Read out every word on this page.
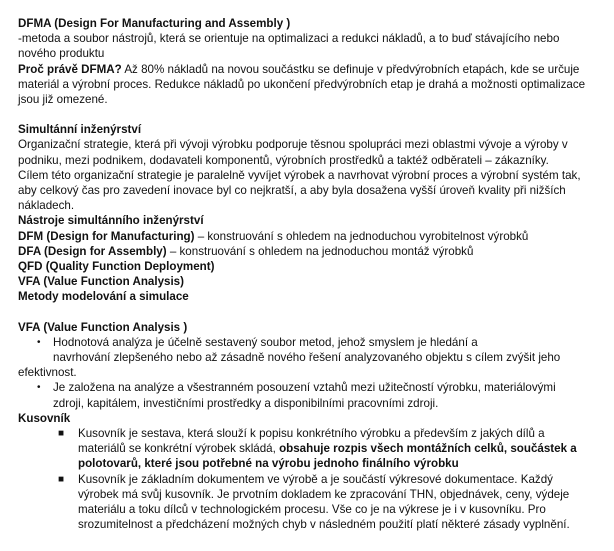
DFMA (Design For Manufacturing and Assembly )
-metoda a soubor nástrojů, která se orientuje na optimalizaci a redukci nákladů, a to buď stávajícího nebo
nového produktu
Proč právě DFMA? Až 80% nákladů na novou součástku se definuje v předvýrobních etapách, kde se určuje
materiál a výrobní proces. Redukce nákladů po ukončení předvýrobních etap je drahá a možnosti optimalizace
jsou již omezené.
Simultánní inženýrství
Organizační strategie, která při vývoji výrobku podporuje těsnou spolupráci mezi oblastmi vývoje a výroby v
podniku, mezi podnikem, dodavateli komponentů, výrobních prostředků a taktéž odběrateli – zákazníky.
Cílem této organizační strategie je paralelně vyvíjet výrobek a navrhovat výrobní proces a výrobní systém tak,
aby celkový čas pro zavedení inovace byl co nejkratší, a aby byla dosažena vyšší úroveň kvality při nižších
nákladech.
Nástroje simultánního inženýrství
DFM (Design for Manufacturing) – konstruování s ohledem na jednoduchou vyrobitelnost výrobků
DFA (Design for Assembly) – konstruování s ohledem na jednoduchou montáž výrobků
QFD (Quality Function Deployment)
VFA (Value Function Analysis)
Metody modelování a simulace
VFA (Value Function Analysis )
•	Hodnotová analýza je účelně sestavený soubor metod, jehož smyslem je hledání a
navrhování zlepšeného nebo až zásadně nového řešení analyzovaného objektu s cílem zvýšit jeho
efektivnost.
•	Je založena na analýze a všestranném posouzení vztahů mezi užitečností výrobku, materiálovými
zdroji, kapitálem, investičními prostředky a disponibilními pracovními zdroji.
Kusovník
■	Kusovník je sestava, která slouží k popisu konkrétního výrobku a především z jakých dílů a
materiálů se konkrétní výrobek skládá, obsahuje rozpis všech montážních celků, součástek a
polotovarů, které jsou potřebné na výrobu jednoho finálního výrobku
■	Kusovník je základním dokumentem ve výrobě a je součástí výkresové dokumentace. Každý
výrobek má svůj kusovník. Je prvotním dokladem ke zpracování THN, objednávek, ceny, výdeje
materiálu a toku dílců v technologickém procesu. Vše co je na výkrese je i v kusovníku. Pro
srozumitelnost a předcházení možných chyb v následném použití platí některé zásady vyplnění.
